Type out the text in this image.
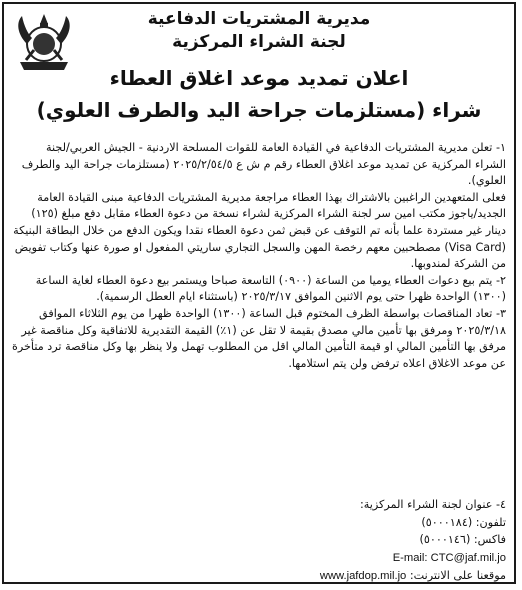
مديرية المشتريات الدفاعية
لجنة الشراء المركزية
اعلان تمديد موعد اغلاق العطاء
شراء (مستلزمات جراحة اليد والطرف العلوي)

١- تعلن مديرية المشتريات الدفاعية في القيادة العامة للقوات المسلحة الاردنية - الجيش العربي/لجنة الشراء المركزية عن تمديد موعد اغلاق العطاء رقم م ش ع ٢٠٢٥/٢/٥٤/٥ (مستلزمات جراحة اليد والطرف العلوي).

فعلى المتعهدين الراغبين بالاشتراك بهذا العطاء مراجعة مديرية المشتريات الدفاعية مبنى القيادة العامة الجديد/ياجوز مكتب امين سر لجنة الشراء المركزية لشراء نسخة من دعوة العطاء مقابل دفع مبلغ (١٢٥) دينار غير مستردة علما بأنه تم التوقف عن قبض ثمن دعوة العطاء نقدا ويكون الدفع من خلال البطاقة البنيكة (Visa Card) مصطحبين معهم رخصة المهن والسجل التجاري ساريتي المفعول او صورة عنها وكتاب تفويض من الشركة لمندوبها.

٢- يتم بيع دعوات العطاء يوميا من الساعة (٠٩٠٠) التاسعة صباحا ويستمر بيع دعوة العطاء لغاية الساعة (١٣٠٠) الواحدة ظهرا حتى يوم الاثنين الموافق ٢٠٢٥/٣/١٧ (باستثناء ايام العطل الرسمية).

٣- تعاد المناقصات بواسطة الظرف المختوم قبل الساعة (١٣٠٠) الواحدة ظهرا من يوم الثلاثاء الموافق ٢٠٢٥/٣/١٨ ومرفق بها تأمين مالي مصدق بقيمة لا تقل عن (١٪) القيمة التقديرية للاتفاقية وكل مناقصة غير مرفق بها التأمين المالي او قيمة التأمين المالي اقل من المطلوب تهمل ولا ينظر بها وكل مناقصة ترد متأخرة عن موعد الاغلاق اعلاه ترفض ولن يتم استلامها.

٤- عنوان لجنة الشراء المركزية:
تلفون: (٥٠٠٠١٨٤)
فاكس: (٥٠٠٠١٤٦)
E-mail: CTC@jaf.mil.jo
موقعنا على الانترنت: www.jafdop.mil.jo
